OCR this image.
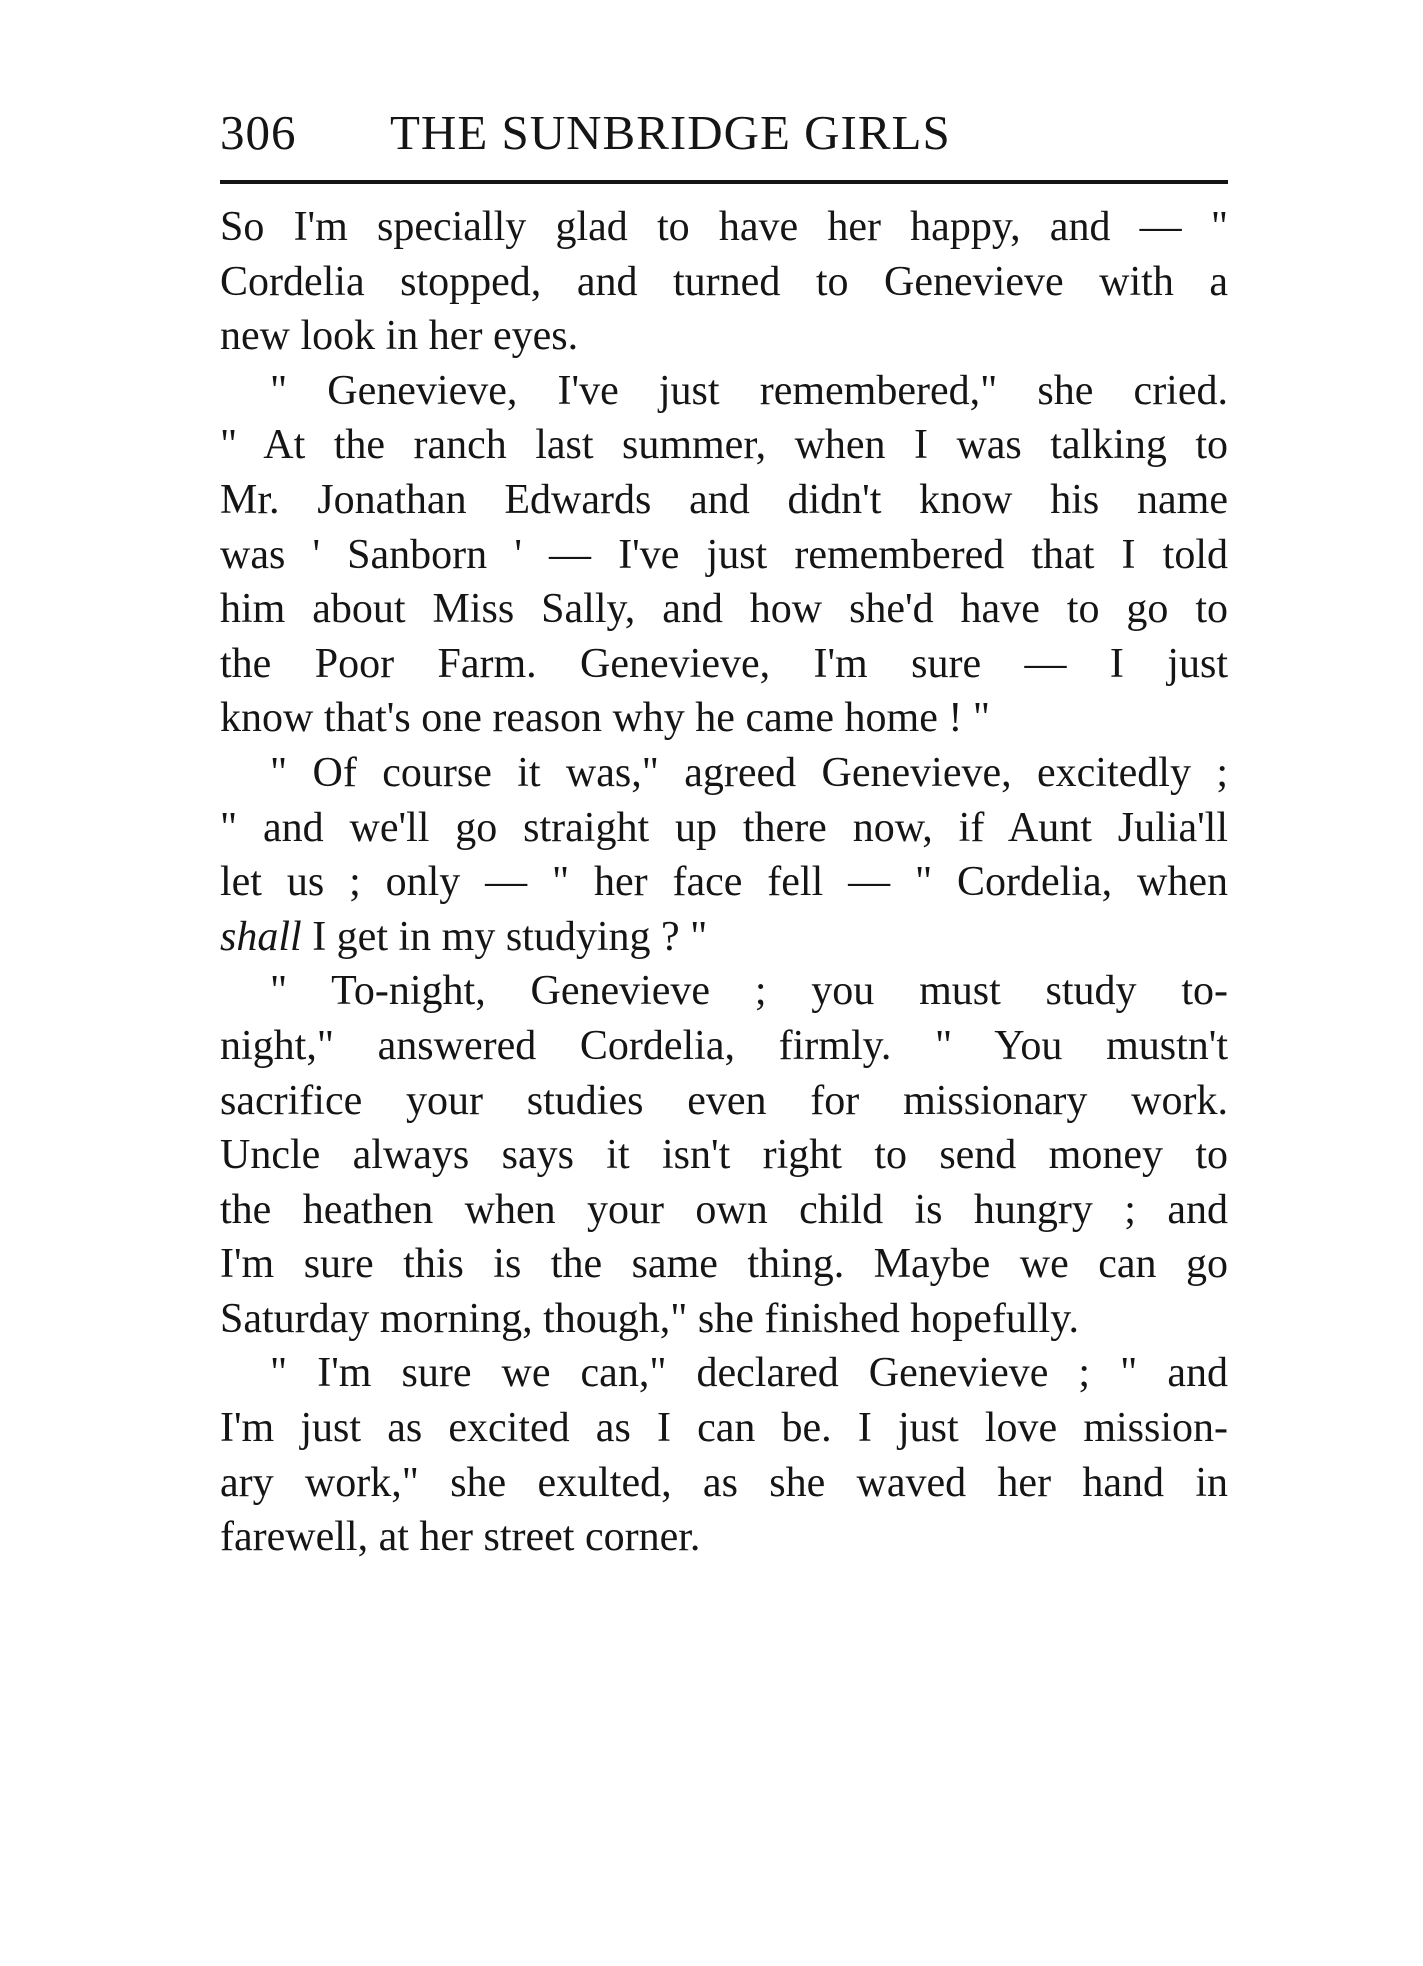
306 THE SUNBRIDGE GIRLS
So I'm specially glad to have her happy, and — "
Cordelia stopped, and turned to Genevieve with a
new look in her eyes.
" Genevieve, I've just remembered," she cried.
" At the ranch last summer, when I was talking to
Mr. Jonathan Edwards and didn't know his name
was ' Sanborn ' — I've just remembered that I told
him about Miss Sally, and how she'd have to go to
the Poor Farm. Genevieve, I'm sure — I just
know that's one reason why he came home ! "
" Of course it was," agreed Genevieve, excitedly ;
" and we'll go straight up there now, if Aunt Julia'll
let us ; only — " her face fell — " Cordelia, when
shall I get in my studying ? "
" To-night, Genevieve ; you must study to-
night," answered Cordelia, firmly. " You mustn't
sacrifice your studies even for missionary work.
Uncle always says it isn't right to send money to
the heathen when your own child is hungry ; and
I'm sure this is the same thing. Maybe we can go
Saturday morning, though," she finished hopefully.
" I'm sure we can," declared Genevieve ; " and
I'm just as excited as I can be. I just love mission-
ary work," she exulted, as she waved her hand in
farewell, at her street corner.
